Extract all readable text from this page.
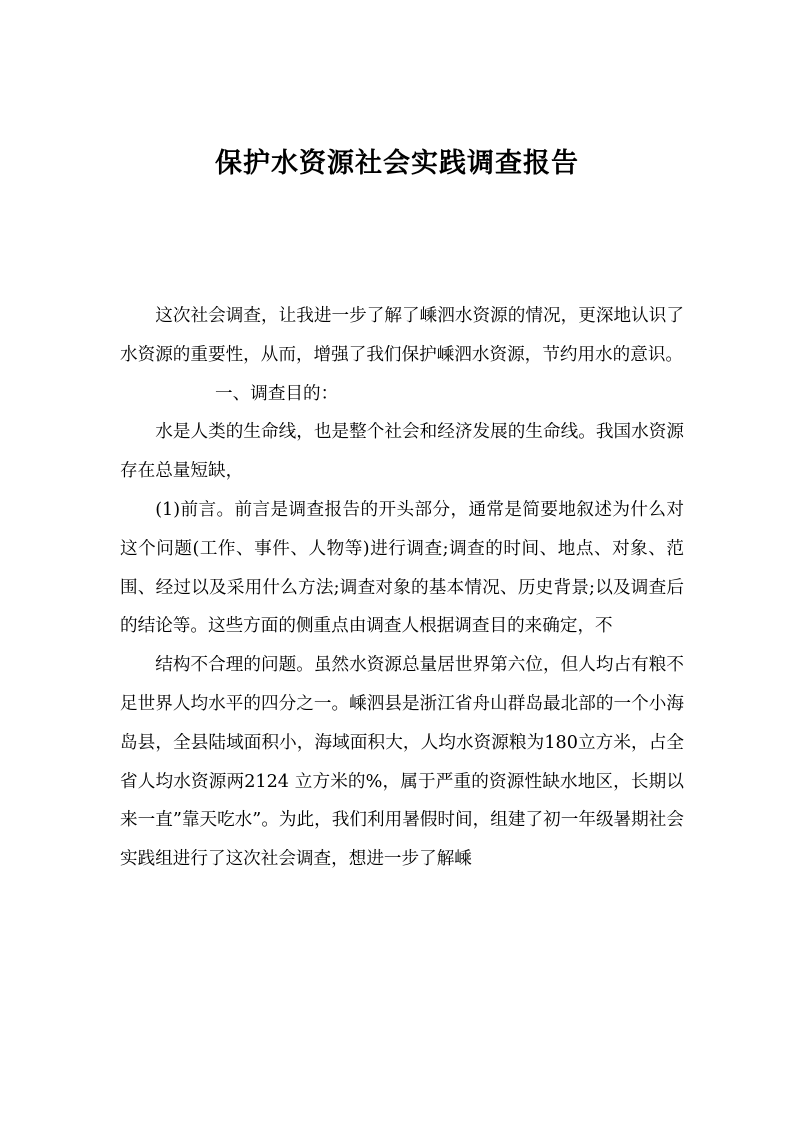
保护水资源社会实践调查报告

这次社会调查，让我进一步了解了嵊泗水资源的情况，更深地认识了水资源的重要性，从而，增强了我们保护嵊泗水资源，节约用水的意识。

一、调查目的：

水是人类的生命线，也是整个社会和经济发展的生命线。我国水资源存在总量短缺，

(1)前言。前言是调查报告的开头部分，通常是简要地叙述为什么对这个问题(工作、事件、人物等)进行调查;调查的时间、地点、对象、范围、经过以及采用什么方法;调查对象的基本情况、历史背景;以及调查后的结论等。这些方面的侧重点由调查人根据调查目的来确定，不

结构不合理的问题。虽然水资源总量居世界第六位，但人均占有粮不足世界人均水平的四分之一。嵊泗县是浙江省舟山群岛最北部的一个小海岛县，全县陆域面积小，海域面积大，人均水资源粮为180立方米，占全省人均水资源两2124 立方米的%，属于严重的资源性缺水地区，长期以来一直”靠天吃水”。为此，我们利用暑假时间，组建了初一年级暑期社会实践组进行了这次社会调查，想进一步了解嵊
